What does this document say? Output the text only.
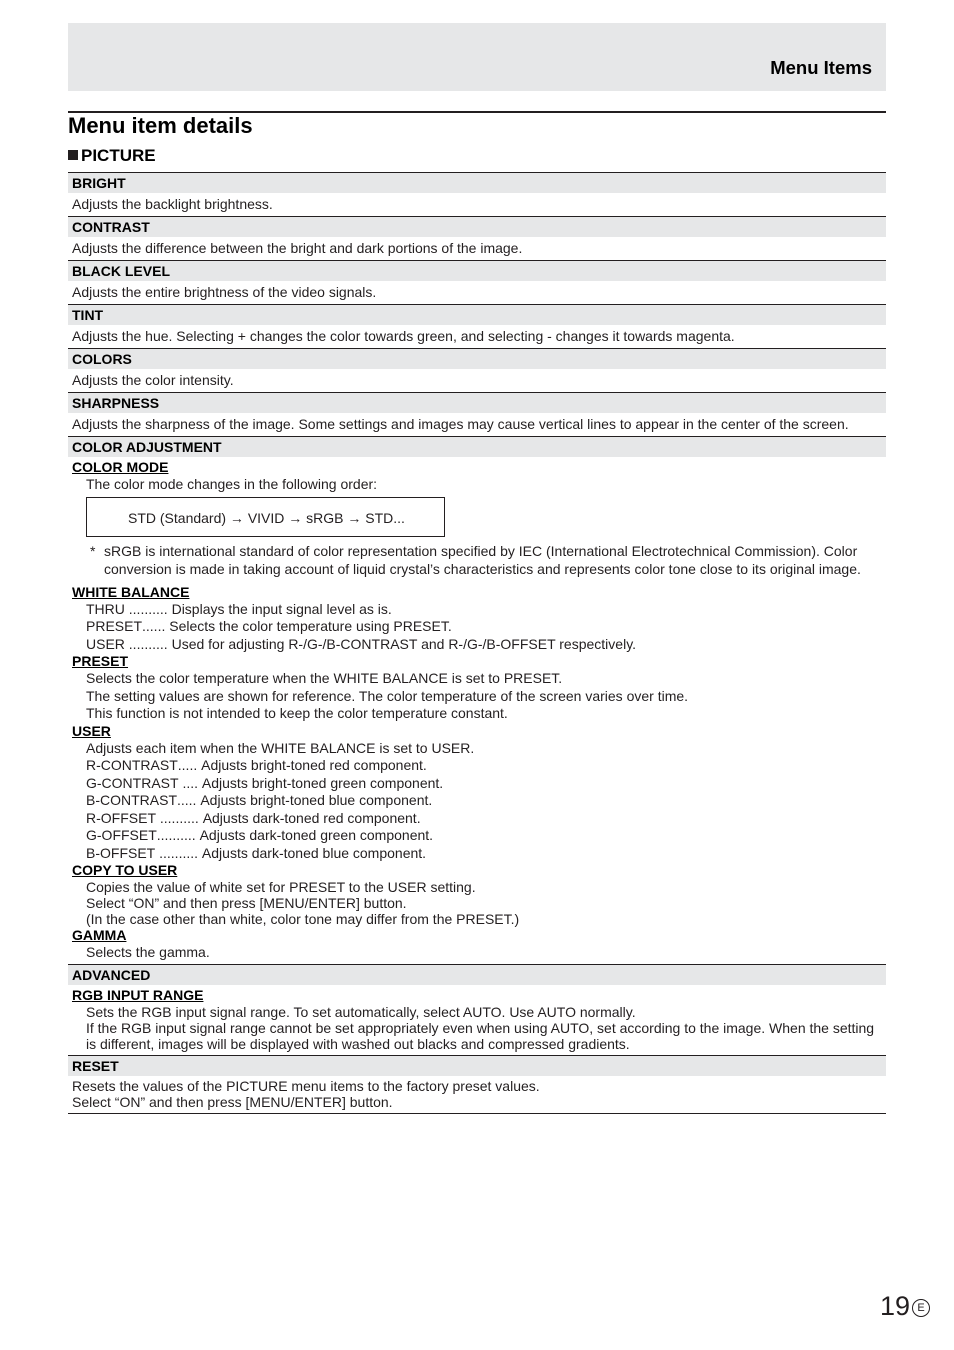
Menu Items
Menu item details
PICTURE
BRIGHT
Adjusts the backlight brightness.
CONTRAST
Adjusts the difference between the bright and dark portions of the image.
BLACK LEVEL
Adjusts the entire brightness of the video signals.
TINT
Adjusts the hue. Selecting + changes the color towards green, and selecting - changes it towards magenta.
COLORS
Adjusts the color intensity.
SHARPNESS
Adjusts the sharpness of the image. Some settings and images may cause vertical lines to appear in the center of the screen.
COLOR ADJUSTMENT
COLOR MODE
The color mode changes in the following order:
STD (Standard) → VIVID → sRGB → STD...
* sRGB is international standard of color representation specified by IEC (International Electrotechnical Commission). Color conversion is made in taking account of liquid crystal’s characteristics and represents color tone close to its original image.
WHITE BALANCE
THRU .......... Displays the input signal level as is.
PRESET ...... Selects the color temperature using PRESET.
USER .......... Used for adjusting R-/G-/B-CONTRAST and R-/G-/B-OFFSET respectively.
PRESET
Selects the color temperature when the WHITE BALANCE is set to PRESET.
The setting values are shown for reference. The color temperature of the screen varies over time.
This function is not intended to keep the color temperature constant.
USER
Adjusts each item when the WHITE BALANCE is set to USER.
R-CONTRAST ..... Adjusts bright-toned red component.
G-CONTRAST .... Adjusts bright-toned green component.
B-CONTRAST ..... Adjusts bright-toned blue component.
R-OFFSET .......... Adjusts dark-toned red component.
G-OFFSET .......... Adjusts dark-toned green component.
B-OFFSET .......... Adjusts dark-toned blue component.
COPY TO USER
Copies the value of white set for PRESET to the USER setting.
Select “ON” and then press [MENU/ENTER] button.
(In the case other than white, color tone may differ from the PRESET.)
GAMMA
Selects the gamma.
ADVANCED
RGB INPUT RANGE
Sets the RGB input signal range. To set automatically, select AUTO. Use AUTO normally.
If the RGB input signal range cannot be set appropriately even when using AUTO, set according to the image. When the setting is different, images will be displayed with washed out blacks and compressed gradients.
RESET
Resets the values of the PICTURE menu items to the factory preset values.
Select “ON” and then press [MENU/ENTER] button.
19 E
